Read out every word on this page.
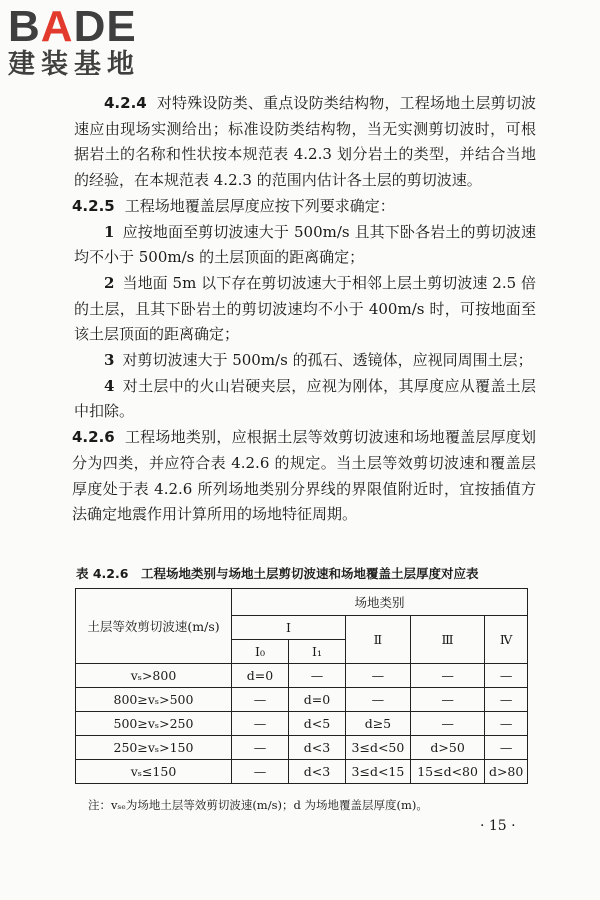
BADE
建装基地

4.2.4 对特殊设防类、重点设防类结构物，工程场地土层剪切波速应由现场实测给出；标准设防类结构物，当无实测剪切波时，可根据岩土的名称和性状按本规范表 4.2.3 划分岩土的类型，并结合当地的经验，在本规范表 4.2.3 的范围内估计各土层的剪切波速。

4.2.5 工程场地覆盖层厚度应按下列要求确定：

1 应按地面至剪切波速大于 500m/s 且其下卧各岩土的剪切波速均不小于 500m/s 的土层顶面的距离确定；

2 当地面 5m 以下存在剪切波速大于相邻上层土剪切波速 2.5 倍的土层，且其下卧岩土的剪切波速均不小于 400m/s 时，可按地面至该土层顶面的距离确定；

3 对剪切波速大于 500m/s 的孤石、透镜体，应视同周围土层；

4 对土层中的火山岩硬夹层，应视为刚体，其厚度应从覆盖土层中扣除。

4.2.6 工程场地类别，应根据土层等效剪切波速和场地覆盖层厚度划分为四类，并应符合表 4.2.6 的规定。当土层等效剪切波速和覆盖层厚度处于表 4.2.6 所列场地类别分界线的界限值附近时，宜按插值方法确定地震作用计算所用的场地特征周期。

表 4.2.6　工程场地类别与场地土层剪切波速和场地覆盖土层厚度对应表
土层等效剪切波速(m/s)	场地类别				
	Ⅰ		Ⅱ	Ⅲ	Ⅳ
	Ⅰ₀	Ⅰ₁			
vₛ>800	d=0	—	—	—	—
800≥vₛ>500	—	d=0	—	—	—
500≥vₛ>250	—	d<5	d≥5	—	—
250≥vₛ>150	—	d<3	3≤d<50	d>50	—
vₛ≤150	—	d<3	3≤d<15	15≤d<80	d>80
注：vₛₑ为场地土层等效剪切波速(m/s)；d 为场地覆盖层厚度(m)。
· 15 ·
